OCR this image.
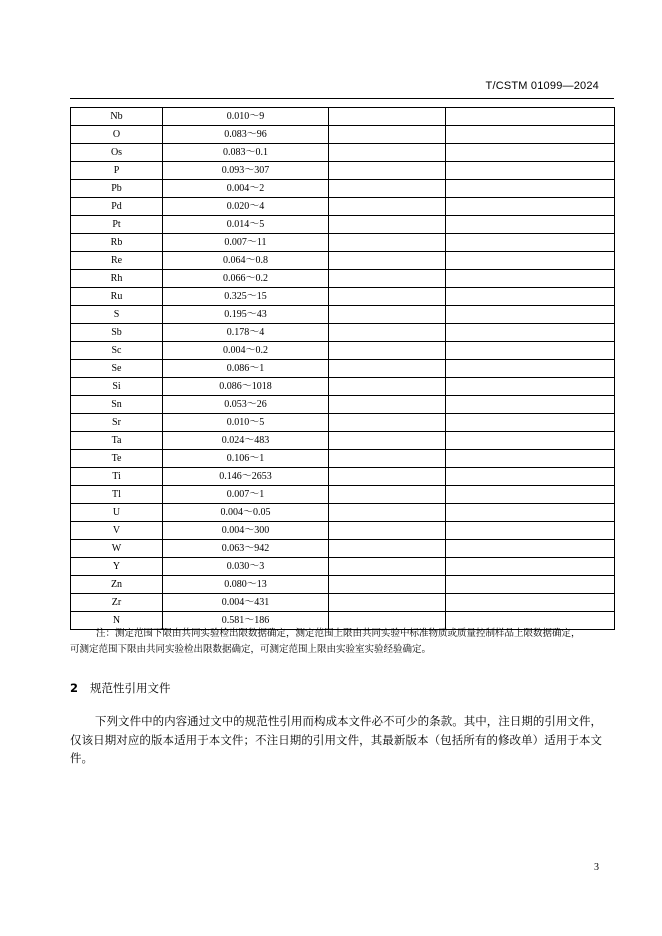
T/CSTM 01099—2024
Nb	0.010～9		
O	0.083～96		
Os	0.083～0.1		
P	0.093～307		
Pb	0.004～2		
Pd	0.020～4		
Pt	0.014～5		
Rb	0.007～11		
Re	0.064～0.8		
Rh	0.066～0.2		
Ru	0.325～15		
S	0.195～43		
Sb	0.178～4		
Sc	0.004～0.2		
Se	0.086～1		
Si	0.086～1018		
Sn	0.053～26		
Sr	0.010～5		
Ta	0.024～483		
Te	0.106～1		
Ti	0.146～2653		
Tl	0.007～1		
U	0.004～0.05		
V	0.004～300		
W	0.063～942		
Y	0.030～3		
Zn	0.080～13		
Zr	0.004～431		
N	0.581～186		
注：测定范围下限由共同实验检出限数据确定，测定范围上限由共同实验中标准物质或质量控制样品上限数据确定，
可测定范围下限由共同实验检出限数据确定，可测定范围上限由实验室实验经验确定。
2 规范性引用文件
下列文件中的内容通过文中的规范性引用而构成本文件必不可少的条款。其中，注日期的引用文件，仅该日期对应的版本适用于本文件；不注日期的引用文件，其最新版本（包括所有的修改单）适用于本文件。
3
